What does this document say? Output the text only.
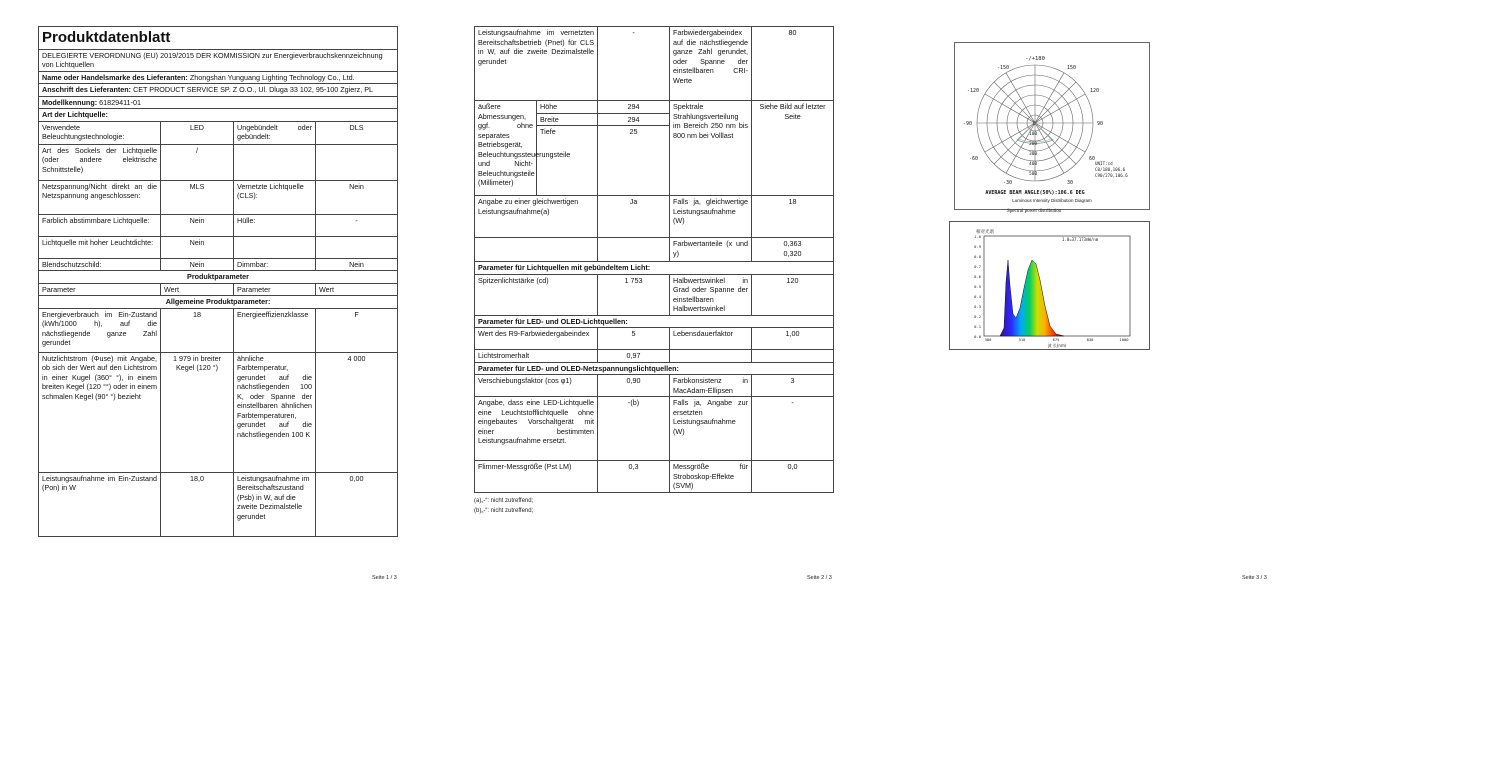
Produktdatenblatt			
DELEGIERTE VERORDNUNG (EU) 2019/2015 DER KOMMISSION zur Energieverbrauchskennzeichnung von Lichtquellen			
Name oder Handelsmarke des Lieferanten: Zhongshan Yunguang Lighting Technology Co., Ltd.			
Anschrift des Lieferanten: CET PRODUCT SERVICE SP. Z O.O., Ul. Dluga 33 102, 95-100 Zgierz, PL			
Modellkennung: 61829411-01			
Art der Lichtquelle:			
Verwendete Beleuchtungstechnologie:	LED	Ungebündelt oder gebündelt:	DLS
Art des Sockels der Lichtquelle (oder andere elektrische Schnittstelle)	/		
Netzspannung/Nicht direkt an die Netzspannung angeschlossen:	MLS	Vernetzte Lichtquelle (CLS):	Nein
Farblich abstimmbare Lichtquelle:	Nein	Hülle:	-
Lichtquelle mit hoher Leuchtdichte:	Nein		
Blendschutzschild:	Nein	Dimmbar:	Nein
Produktparameter			
Parameter	Wert	Parameter	Wert
Allgemeine Produktparameter:			
Energieverbrauch im Ein-Zustand (kWh/1000 h), auf die nächstliegende ganze Zahl gerundet	18	Energieeffizienzklasse	F
Nutzlichtstrom (Φuse) mit Angabe, ob sich der Wert auf den Lichtstrom in einer Kugel (360° °), in einem breiten Kegel (120 °°) oder in einem schmalen Kegel (90° °) bezieht	1 979 in breiter Kegel (120 °)	ähnliche Farbtemperatur, gerundet auf die nächstliegenden 100 K, oder Spanne der einstellbaren ähnlichen Farbtemperaturen, gerundet auf die nächstliegenden 100 K	4 000
Leistungsaufnahme im Ein-Zustand (Pon) in W	18,0	Leistungsaufnahme im Bereitschaftszustand (Psb) in W, auf die zweite Dezimalstelle gerundet	0,00
Seite 1 / 3
Leistungsaufnahme im vernetzten Bereitschaftsbetrieb (Pnet) für CLS in W, auf die zweite Dezimalstelle gerundet		-	Farbwiedergabeindex auf die nächstliegende ganze Zahl gerundet, oder Spanne der einstellbaren CRI-Werte	80
äußere Abmessungen, ggf. ohne separates Betriebsgerät, Beleuchtungssteuerungsteile und Nicht-Beleuchtungsteile (Millimeter)	Höhe	294	Spektrale Strahlungsverteilung im Bereich 250 nm bis 800 nm bei Volllast	Siehe Bild auf letzter Seite
	Breite	294		
	Tiefe	25		
Angabe zu einer gleichwertigen Leistungsaufnahme(a)		Ja	Falls ja, gleichwertige Leistungsaufnahme (W)	18
			Farbwertanteile (x und y)	0,363
0,320
Parameter für Lichtquellen mit gebündeltem Licht:				
Spitzenlichtstärke (cd)		1 753	Halbwertswinkel in Grad oder Spanne der einstellbaren Halbwertswinkel	120
Parameter für LED- und OLED-Lichtquellen:				
Wert des R9-Farbwiedergabeindex		5	Lebensdauerfaktor	1,00
Lichtstromerhalt		0,97		
Parameter für LED- und OLED-Netzspannungslichtquellen:				
Verschiebungsfaktor (cos φ1)		0,90	Farbkonsistenz in MacAdam-Ellipsen	3
Angabe, dass eine LED-Lichtquelle eine Leuchtstofflichtquelle ohne eingebautes Vorschaltgerät mit einer bestimmten Leistungsaufnahme ersetzt.		-(b)	Falls ja, Angabe zur ersetzten Leistungsaufnahme (W)	-
Flimmer-Messgröße (Pst LM)		0,3	Messgröße für Stroboskop-Effekte (SVM)	0,0
(a)„-“: nicht zutreffend;
(b)„-“: nicht zutreffend;
Seite 2 / 3
-/+180
-150
-120
-90
-60
-30
150
120
90
60
30
0
100
200
300
400
500
UNIT:cd
C0/180,106.6
C90/270,106.6
AVERAGE BEAM ANGLE(50%):106.6 DEG
Luminous Intensity Distribution Diagram
Spectral power distribution
相对光谱
1.0=37.173mW/nm
1.0
0.9
0.8
0.7
0.6
0.5
0.4
0.3
0.2
0.1
0.0
380	510	675	830	1000
波 长(nm)
Seite 3 / 3
